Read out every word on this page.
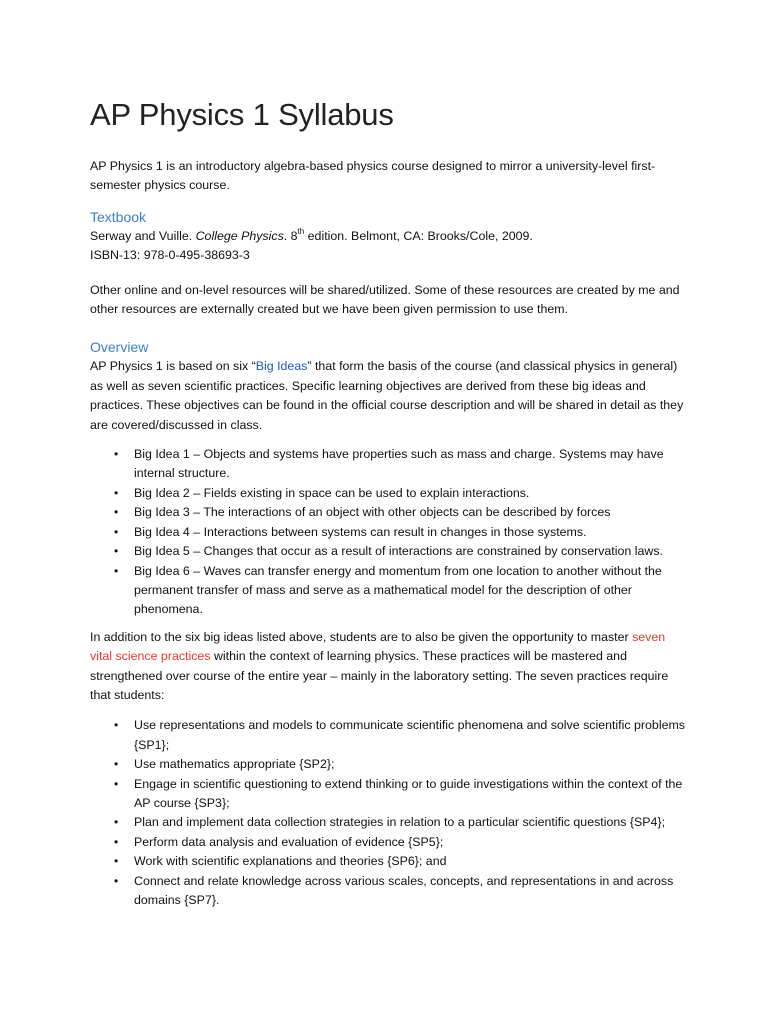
AP Physics 1 Syllabus

AP Physics 1 is an introductory algebra-based physics course designed to mirror a university-level first-semester physics course.

Textbook

Serway and Vuille. College Physics. 8th edition. Belmont, CA: Brooks/Cole, 2009.

ISBN-13: 978-0-495-38693-3

Other online and on-level resources will be shared/utilized. Some of these resources are created by me and other resources are externally created but we have been given permission to use them.

Overview

AP Physics 1 is based on six “Big Ideas” that form the basis of the course (and classical physics in general) as well as seven scientific practices. Specific learning objectives are derived from these big ideas and practices. These objectives can be found in the official course description and will be shared in detail as they are covered/discussed in class.

• Big Idea 1 – Objects and systems have properties such as mass and charge. Systems may have internal structure.
• Big Idea 2 – Fields existing in space can be used to explain interactions.
• Big Idea 3 – The interactions of an object with other objects can be described by forces
• Big Idea 4 – Interactions between systems can result in changes in those systems.
• Big Idea 5 – Changes that occur as a result of interactions are constrained by conservation laws.
• Big Idea 6 – Waves can transfer energy and momentum from one location to another without the permanent transfer of mass and serve as a mathematical model for the description of other phenomena.

In addition to the six big ideas listed above, students are to also be given the opportunity to master seven vital science practices within the context of learning physics. These practices will be mastered and strengthened over course of the entire year – mainly in the laboratory setting. The seven practices require that students:

• Use representations and models to communicate scientific phenomena and solve scientific problems {SP1};
• Use mathematics appropriate {SP2};
• Engage in scientific questioning to extend thinking or to guide investigations within the context of the AP course {SP3};
• Plan and implement data collection strategies in relation to a particular scientific questions {SP4};
• Perform data analysis and evaluation of evidence {SP5};
• Work with scientific explanations and theories {SP6}; and
• Connect and relate knowledge across various scales, concepts, and representations in and across domains {SP7}.
